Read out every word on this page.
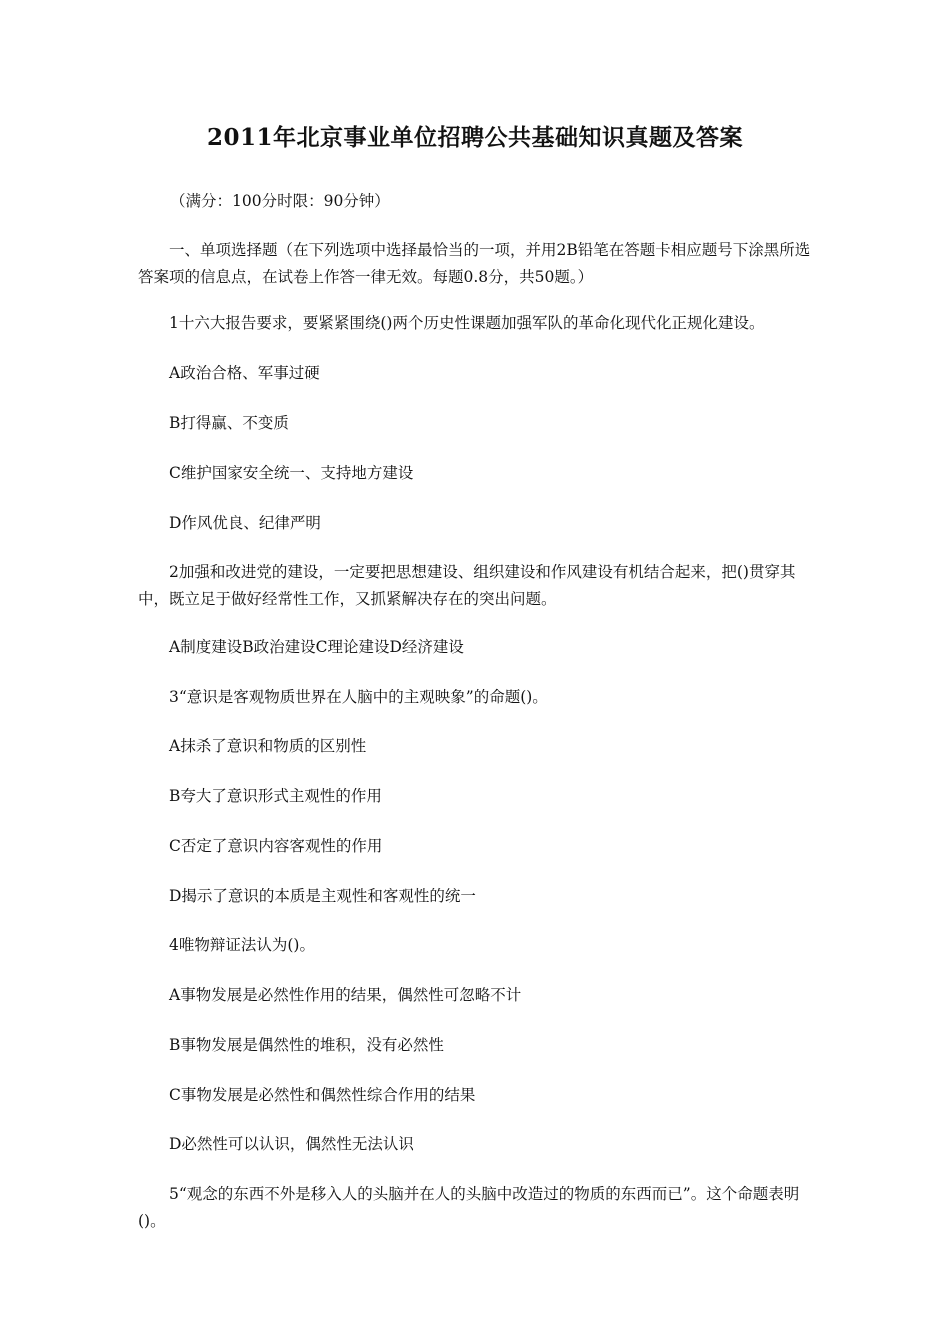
2011年北京事业单位招聘公共基础知识真题及答案
（满分：100分时限：90分钟）
一、单项选择题（在下列选项中选择最恰当的一项，并用2B铅笔在答题卡相应题号下涂黑所选答案项的信息点，在试卷上作答一律无效。每题0.8分，共50题。）
1十六大报告要求，要紧紧围绕()两个历史性课题加强军队的革命化现代化正规化建设。
A政治合格、军事过硬
B打得赢、不变质
C维护国家安全统一、支持地方建设
D作风优良、纪律严明
2加强和改进党的建设，一定要把思想建设、组织建设和作风建设有机结合起来，把()贯穿其中，既立足于做好经常性工作，又抓紧解决存在的突出问题。
A制度建设B政治建设C理论建设D经济建设
3“意识是客观物质世界在人脑中的主观映象”的命题()。
A抹杀了意识和物质的区别性
B夸大了意识形式主观性的作用
C否定了意识内容客观性的作用
D揭示了意识的本质是主观性和客观性的统一
4唯物辩证法认为()。
A事物发展是必然性作用的结果，偶然性可忽略不计
B事物发展是偶然性的堆积，没有必然性
C事物发展是必然性和偶然性综合作用的结果
D必然性可以认识，偶然性无法认识
5“观念的东西不外是移入人的头脑并在人的头脑中改造过的物质的东西而已”。这个命题表明()。
